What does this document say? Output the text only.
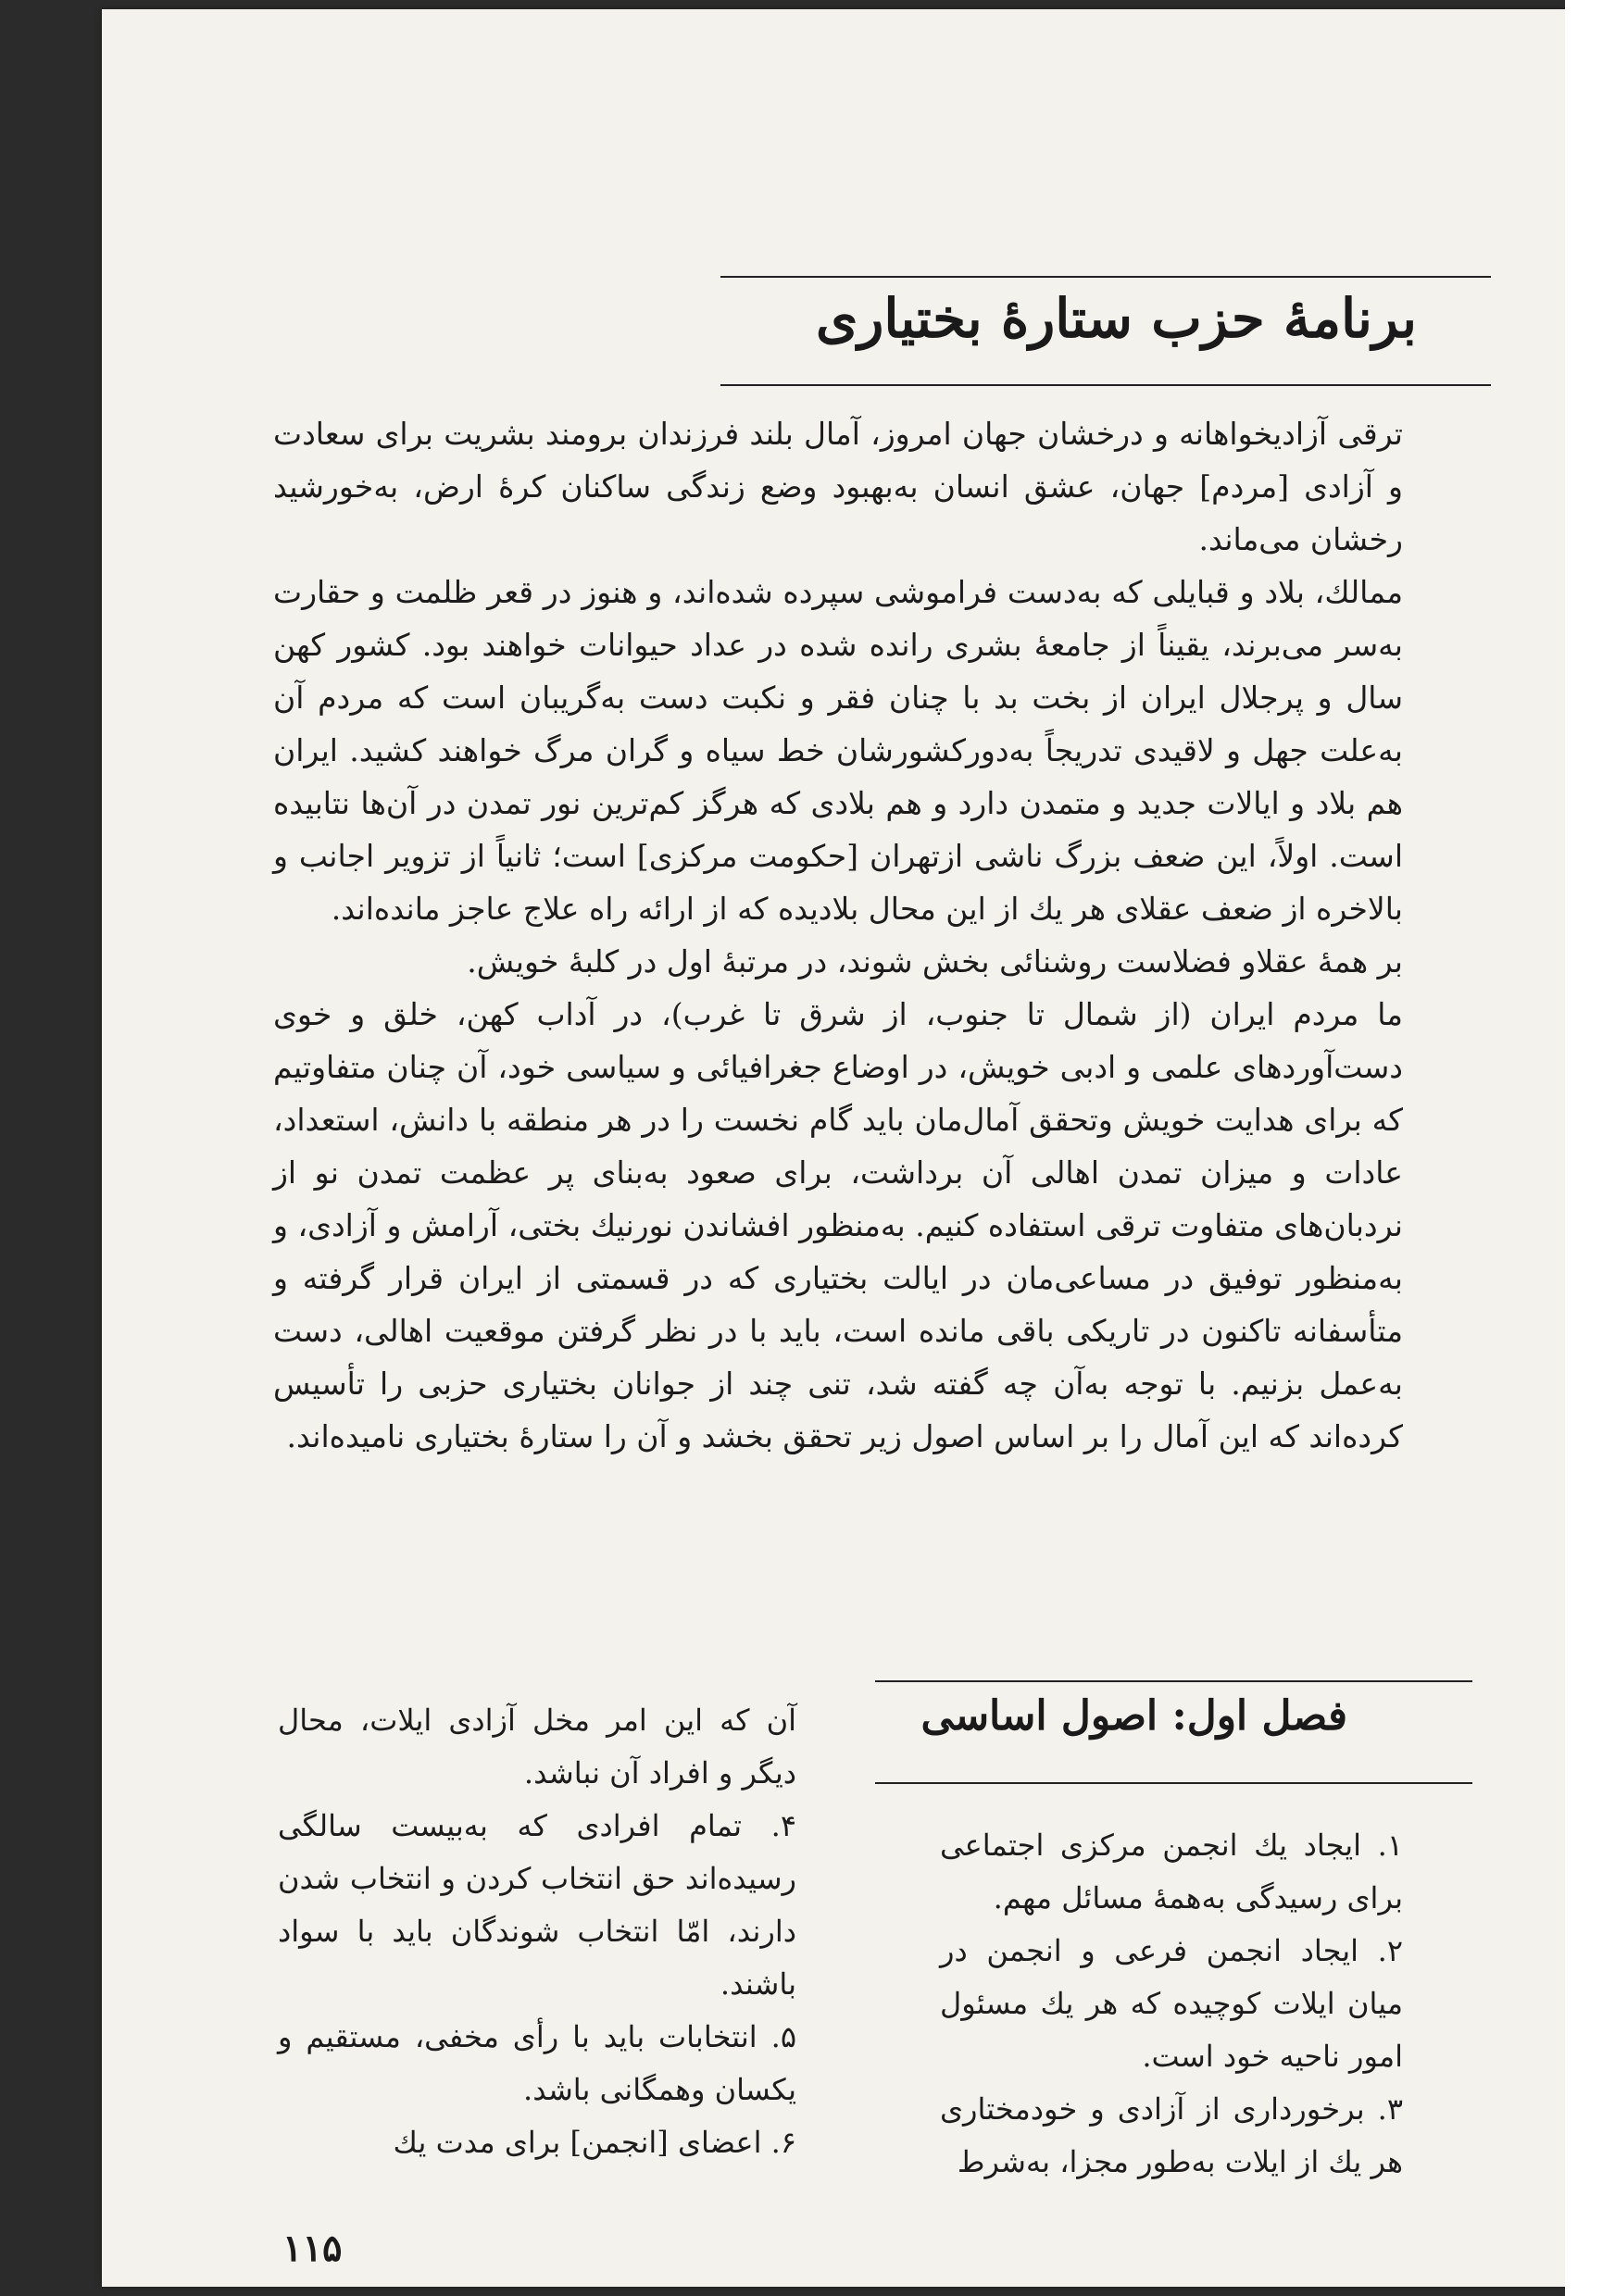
برنامهٔ حزب ستارهٔ بختیاری

ترقی آزادیخواهانه و درخشان جهان امروز، آمال بلند فرزندان برومند بشریت برای سعادت و آزادی [مردم] جهان، عشق انسان به‌بهبود وضع زندگی ساکنان کرهٔ ارض، به‌خورشید رخشان می‌ماند.

ممالك، بلاد و قبایلی که به‌دست فراموشی سپرده شده‌اند، و هنوز در قعر ظلمت و حقارت به‌سر می‌برند، یقیناً از جامعهٔ بشری رانده شده در عداد حیوانات خواهند بود. کشور کهن سال و پرجلال ایران از بخت بد با چنان فقر و نکبت دست به‌گریبان است که مردم آن به‌علت جهل و لاقیدی تدریجاً به‌دورکشورشان خط سیاه و گران مرگ خواهند کشید. ایران هم بلاد و ایالات جدید و متمدن دارد و هم بلادی که هرگز کم‌ترین نور تمدن در آن‌ها نتابیده است. اولاً، این ضعف بزرگ ناشی ازتهران [حکومت مرکزی] است؛ ثانیاً از تزویر اجانب و بالاخره از ضعف عقلای هر یك از این محال بلادیده که از ارائه راه علاج عاجز مانده‌اند.

بر همهٔ عقلاو فضلاست روشنائی بخش شوند، در مرتبهٔ اول در کلبهٔ خویش.

ما مردم ایران (از شمال تا جنوب، از شرق تا غرب)، در آداب کهن، خلق و خوی دست‌آوردهای علمی و ادبی خویش، در اوضاع جغرافیائی و سیاسی خود، آن چنان متفاوتیم که برای هدایت خویش وتحقق آمال‌مان باید گام نخست را در هر منطقه با دانش، استعداد، عادات و میزان تمدن اهالی آن برداشت، برای صعود به‌بنای پر عظمت تمدن نو از نردبان‌های متفاوت ترقی استفاده کنیم. به‌منظور افشاندن نورنیك بختی، آرامش و آزادی، و به‌منظور توفیق در مساعی‌مان در ایالت بختیاری که در قسمتی از ایران قرار گرفته و متأسفانه تاکنون در تاریکی باقی مانده است، باید با در نظر گرفتن موقعیت اهالی، دست به‌عمل بزنیم. با توجه به‌آن چه گفته شد، تنی چند از جوانان بختیاری حزبی را تأسیس کرده‌اند که این آمال را بر اساس اصول زیر تحقق بخشد و آن را ستارهٔ بختیاری نامیده‌اند.

فصل اول: اصول اساسی

۱. ایجاد یك انجمن مرکزی اجتماعی برای رسیدگی به‌همهٔ مسائل مهم.

۲. ایجاد انجمن فرعی و انجمن در میان ایلات کوچیده که هر یك مسئول امور ناحیه خود است.

۳. برخورداری از آزادی و خودمختاری هر یك از ایلات به‌طور مجزا، به‌شرط

آن که این امر مخل آزادی ایلات، محال دیگر و افراد آن نباشد.

۴. تمام افرادی که به‌بیست سالگی رسیده‌اند حق انتخاب کردن و انتخاب شدن دارند، امّا انتخاب شوندگان باید با سواد باشند.

۵. انتخابات باید با رأی مخفی، مستقیم و یکسان وهمگانی باشد.

۶. اعضای [انجمن] برای مدت یك

۱۱۵
